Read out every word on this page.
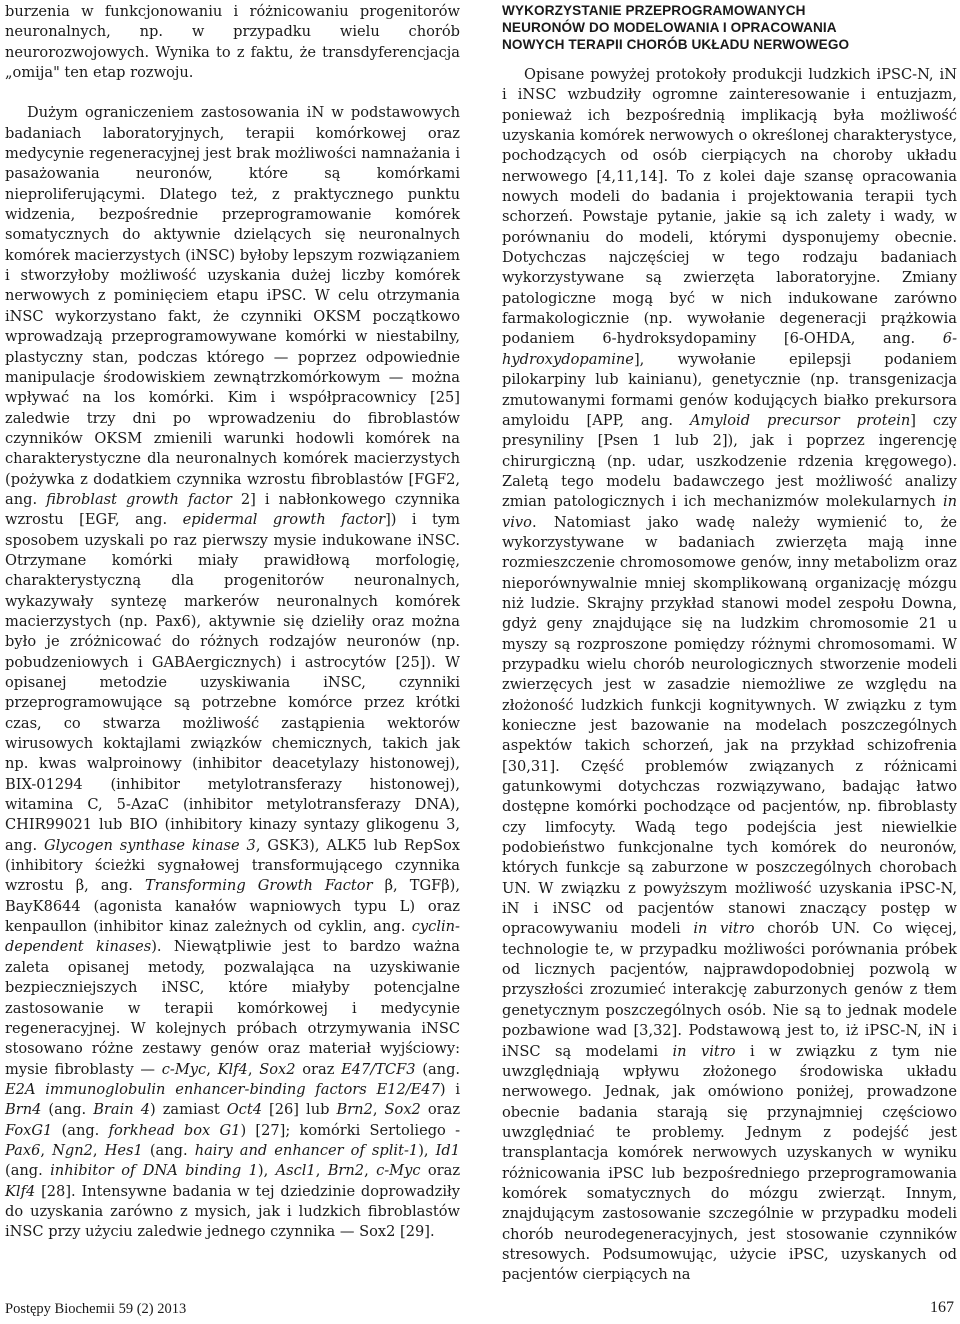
burzenia w funkcjonowaniu i różnicowaniu progenitorów neuronalnych, np. w przypadku wielu chorób neurorozwojowych. Wynika to z faktu, że transdyferencjacja „omija" ten etap rozwoju.

Dużym ograniczeniem zastosowania iN w podstawowych badaniach laboratoryjnych, terapii komórkowej oraz medycynie regeneracyjnej jest brak możliwości namnażania i pasażowania neuronów, które są komórkami nieproliferującymi. Dlatego też, z praktycznego punktu widzenia, bezpośrednie przeprogramowanie komórek somatycznych do aktywnie dzielących się neuronalnych komórek macierzystych (iNSC) byłoby lepszym rozwiązaniem i stworzyłoby możliwość uzyskania dużej liczby komórek nerwowych z pominięciem etapu iPSC. W celu otrzymania iNSC wykorzystano fakt, że czynniki OKSM początkowo wprowadzają przeprogramowywane komórki w niestabilny, plastyczny stan, podczas którego — poprzez odpowiednie manipulacje środowiskiem zewnątrzkomórkowym — można wpływać na los komórki. Kim i współpracownicy [25] zaledwie trzy dni po wprowadzeniu do fibroblastów czynników OKSM zmienili warunki hodowli komórek na charakterystyczne dla neuronalnych komórek macierzystych (pożywka z dodatkiem czynnika wzrostu fibroblastów [FGF2, ang. fibroblast growth factor 2] i nabłonkowego czynnika wzrostu [EGF, ang. epidermal growth factor]) i tym sposobem uzyskali po raz pierwszy mysie indukowane iNSC. Otrzymane komórki miały prawidłową morfologię, charakterystyczną dla progenitorów neuronalnych, wykazywały syntezę markerów neuronalnych komórek macierzystych (np. Pax6), aktywnie się dzieliły oraz można było je zróżnicować do różnych rodzajów neuronów (np. pobudzeniowych i GABAergicznych) i astrocytów [25]). W opisanej metodzie uzyskiwania iNSC, czynniki przeprogramowujące są potrzebne komórce przez krótki czas, co stwarza możliwość zastąpienia wektorów wirusowych koktajlami związków chemicznych, takich jak np. kwas walproinowy (inhibitor deacetylazy histonowej), BIX-01294 (inhibitor metylotransferazy histonowej), witamina C, 5-AzaC (inhibitor metylotransferazy DNA), CHIR99021 lub BIO (inhibitory kinazy syntazy glikogenu 3, ang. Glycogen synthase kinase 3, GSK3), ALK5 lub RepSox (inhibitory ścieżki sygnałowej transformującego czynnika wzrostu β, ang. Transforming Growth Factor β, TGFβ), BayK8644 (agonista kanałów wapniowych typu L) oraz kenpaullon (inhibitor kinaz zależnych od cyklin, ang. cyclin-dependent kinases). Niewątpliwie jest to bardzo ważna zaleta opisanej metody, pozwalająca na uzyskiwanie bezpieczniejszych iNSC, które miałyby potencjalne zastosowanie w terapii komórkowej i medycynie regeneracyjnej. W kolejnych próbach otrzymywania iNSC stosowano różne zestawy genów oraz materiał wyjściowy: mysie fibroblasty — c-Myc, Klf4, Sox2 oraz E47/TCF3 (ang. E2A immunoglobulin enhancer-binding factors E12/E47) i Brn4 (ang. Brain 4) zamiast Oct4 [26] lub Brn2, Sox2 oraz FoxG1 (ang. forkhead box G1) [27]; komórki Sertoliego - Pax6, Ngn2, Hes1 (ang. hairy and enhancer of split-1), Id1 (ang. inhibitor of DNA binding 1), Ascl1, Brn2, c-Myc oraz Klf4 [28]. Intensywne badania w tej dziedzinie doprowadziły do uzyskania zarówno z mysich, jak i ludzkich fibroblastów iNSC przy użyciu zaledwie jednego czynnika — Sox2 [29].

WYKORZYSTANIE PRZEPROGRAMOWANYCH
NEURONÓW DO MODELOWANIA I OPRACOWANIA
NOWYCH TERAPII CHORÓB UKŁADU NERWOWEGO

Opisane powyżej protokoły produkcji ludzkich iPSC-N, iN i iNSC wzbudziły ogromne zainteresowanie i entuzjazm, ponieważ ich bezpośrednią implikacją była możliwość uzyskania komórek nerwowych o określonej charakterystyce, pochodzących od osób cierpiących na choroby układu nerwowego [4,11,14]. To z kolei daje szansę opracowania nowych modeli do badania i projektowania terapii tych schorzeń. Powstaje pytanie, jakie są ich zalety i wady, w porównaniu do modeli, którymi dysponujemy obecnie. Dotychczas najczęściej w tego rodzaju badaniach wykorzystywane są zwierzęta laboratoryjne. Zmiany patologiczne mogą być w nich indukowane zarówno farmakologicznie (np. wywołanie degeneracji prążkowia podaniem 6-hydroksydopaminy [6-OHDA, ang. 6-hydroxydopamine], wywołanie epilepsji podaniem pilokarpiny lub kainianu), genetycznie (np. transgenizacja zmutowanymi formami genów kodujących białko prekursora amyloidu [APP, ang. Amyloid precursor protein] czy presyniliny [Psen 1 lub 2]), jak i poprzez ingerencję chirurgiczną (np. udar, uszkodzenie rdzenia kręgowego). Zaletą tego modelu badawczego jest możliwość analizy zmian patologicznych i ich mechanizmów molekularnych in vivo. Natomiast jako wadę należy wymienić to, że wykorzystywane w badaniach zwierzęta mają inne rozmieszczenie chromosomowe genów, inny metabolizm oraz nieporównywalnie mniej skomplikowaną organizację mózgu niż ludzie. Skrajny przykład stanowi model zespołu Downa, gdyż geny znajdujące się na ludzkim chromosomie 21 u myszy są rozproszone pomiędzy różnymi chromosomami. W przypadku wielu chorób neurologicznych stworzenie modeli zwierzęcych jest w zasadzie niemożliwe ze względu na złożoność ludzkich funkcji kognitywnych. W związku z tym konieczne jest bazowanie na modelach poszczególnych aspektów takich schorzeń, jak na przykład schizofrenia [30,31]. Część problemów związanych z różnicami gatunkowymi dotychczas rozwiązywano, badając łatwo dostępne komórki pochodzące od pacjentów, np. fibroblasty czy limfocyty. Wadą tego podejścia jest niewielkie podobieństwo funkcjonalne tych komórek do neuronów, których funkcje są zaburzone w poszczególnych chorobach UN. W związku z powyższym możliwość uzyskania iPSC-N, iN i iNSC od pacjentów stanowi znaczący postęp w opracowywaniu modeli in vitro chorób UN. Co więcej, technologie te, w przypadku możliwości porównania próbek od licznych pacjentów, najprawdopodobniej pozwolą w przyszłości zrozumieć interakcję zaburzonych genów z tłem genetycznym poszczególnych osób. Nie są to jednak modele pozbawione wad [3,32]. Podstawową jest to, iż iPSC-N, iN i iNSC są modelami in vitro i w związku z tym nie uwzględniają wpływu złożonego środowiska układu nerwowego. Jednak, jak omówiono poniżej, prowadzone obecnie badania starają się przynajmniej częściowo uwzględniać te problemy. Jednym z podejść jest transplantacja komórek nerwowych uzyskanych w wyniku różnicowania iPSC lub bezpośredniego przeprogramowania komórek somatycznych do mózgu zwierząt. Innym, znajdującym zastosowanie szczególnie w przypadku modeli chorób neurodegeneracyjnych, jest stosowanie czynników stresowych. Podsumowując, użycie iPSC, uzyskanych od pacjentów cierpiących na

Postępy Biochemii 59 (2) 2013	167
